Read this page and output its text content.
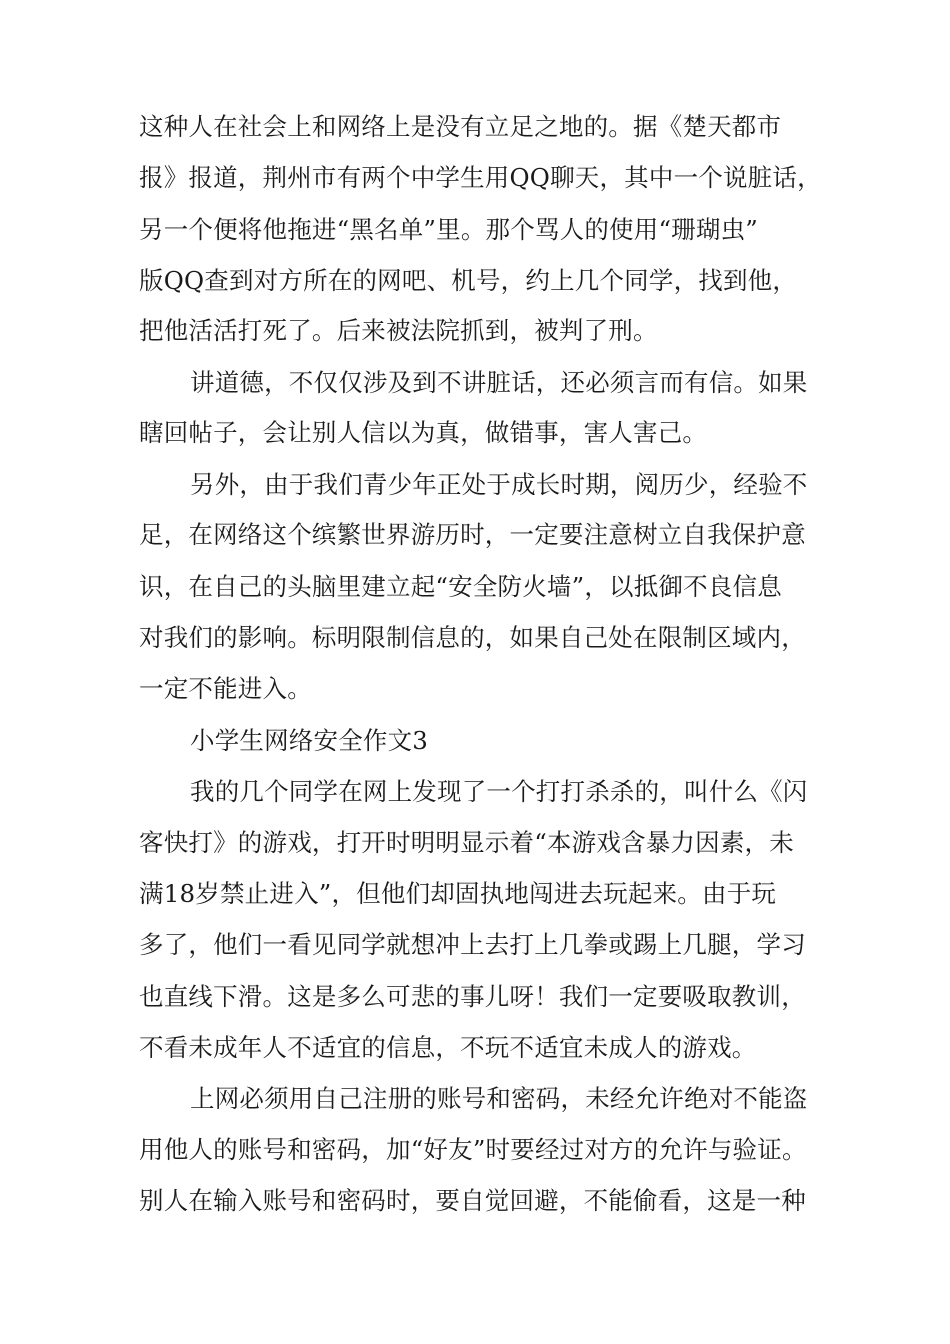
这种人在社会上和网络上是没有立足之地的。据《楚天都市
报》报道，荆州市有两个中学生用QQ聊天，其中一个说脏话，
另一个便将他拖进“黑名单”里。那个骂人的使用“珊瑚虫”
版QQ查到对方所在的网吧、机号，约上几个同学，找到他，
把他活活打死了。后来被法院抓到，被判了刑。
讲道德，不仅仅涉及到不讲脏话，还必须言而有信。如果
瞎回帖子，会让别人信以为真，做错事，害人害己。
另外，由于我们青少年正处于成长时期，阅历少，经验不
足，在网络这个缤繁世界游历时，一定要注意树立自我保护意
识，在自己的头脑里建立起“安全防火墙”，以抵御不良信息
对我们的影响。标明限制信息的，如果自己处在限制区域内，
一定不能进入。
小学生网络安全作文3
我的几个同学在网上发现了一个打打杀杀的，叫什么《闪
客快打》的游戏，打开时明明显示着“本游戏含暴力因素，未
满18岁禁止进入”，但他们却固执地闯进去玩起来。由于玩
多了，他们一看见同学就想冲上去打上几拳或踢上几腿，学习
也直线下滑。这是多么可悲的事儿呀！我们一定要吸取教训，
不看未成年人不适宜的信息，不玩不适宜未成人的游戏。
上网必须用自己注册的账号和密码，未经允许绝对不能盗
用他人的账号和密码，加“好友”时要经过对方的允许与验证。
别人在输入账号和密码时，要自觉回避，不能偷看，这是一种
